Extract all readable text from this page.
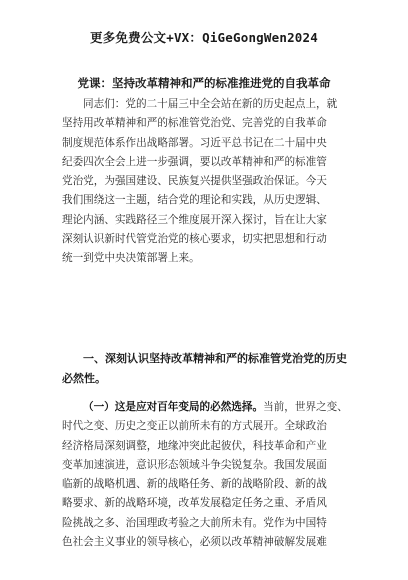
更多免费公文+VX：QiGeGongWen2024
党课：坚持改革精神和严的标准推进党的自我革命
同志们：党的二十届三中全会站在新的历史起点上，就
坚持用改革精神和严的标准管党治党、完善党的自我革命
制度规范体系作出战略部署。习近平总书记在二十届中央
纪委四次全会上进一步强调，要以改革精神和严的标准管
党治党，为强国建设、民族复兴提供坚强政治保证。今天
我们围绕这一主题，结合党的理论和实践，从历史逻辑、
理论内涵、实践路径三个维度展开深入探讨，旨在让大家
深刻认识新时代管党治党的核心要求，切实把思想和行动
统一到党中央决策部署上来。
一、深刻认识坚持改革精神和严的标准管党治党的历史
必然性。
（一）这是应对百年变局的必然选择。当前，世界之变、
时代之变、历史之变正以前所未有的方式展开。全球政治
经济格局深刻调整，地缘冲突此起彼伏，科技革命和产业
变革加速演进，意识形态领域斗争尖锐复杂。我国发展面
临新的战略机遇、新的战略任务、新的战略阶段、新的战
略要求、新的战略环境，改革发展稳定任务之重、矛盾风
险挑战之多、治国理政考验之大前所未有。党作为中国特
色社会主义事业的领导核心，必须以改革精神破解发展难
